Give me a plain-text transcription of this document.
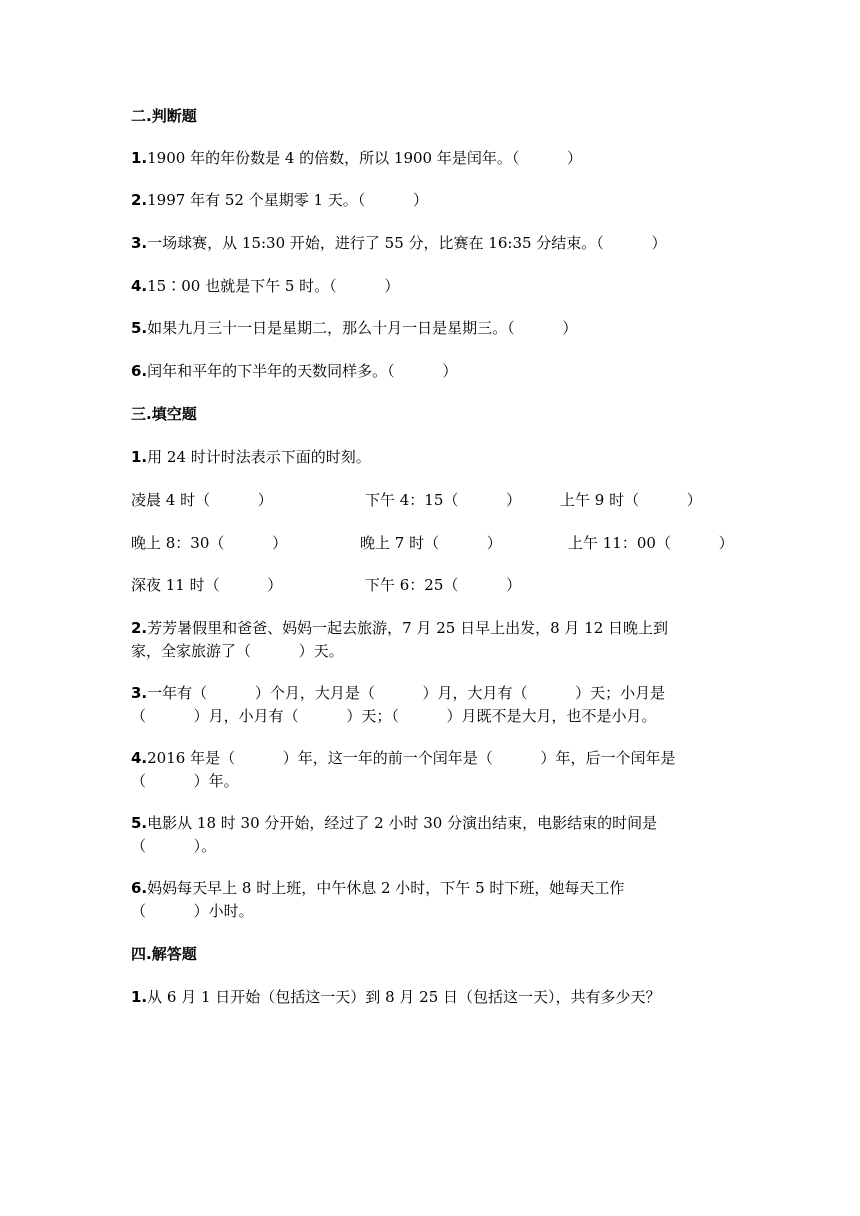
二.判断题
1.1900 年的年份数是 4 的倍数，所以 1900 年是闰年。（          ）
2.1997 年有 52 个星期零 1 天。（          ）
3.一场球赛，从 15:30 开始，进行了 55 分，比赛在 16:35 分结束。（          ）
4.15∶00 也就是下午 5 时。（          ）
5.如果九月三十一日是星期二，那么十月一日是星期三。（          ）
6.闰年和平年的下半年的天数同样多。（          ）
三.填空题
1.用 24 时计时法表示下面的时刻。
凌晨 4 时（          ）	下午 4：15（          ）	上午 9 时（          ）
晚上 8：30（          ）	晚上 7 时（          ）	上午 11：00（          ）
深夜 11 时（          ）	下午 6：25（          ）
2.芳芳暑假里和爸爸、妈妈一起去旅游，7 月 25 日早上出发，8 月 12 日晚上到
家，全家旅游了（          ）天。
3.一年有（          ）个月，大月是（          ）月，大月有（          ）天；小月是
（          ）月，小月有（          ）天；（          ）月既不是大月，也不是小月。
4.2016 年是（          ）年，这一年的前一个闰年是（          ）年，后一个闰年是
（          ）年。
5.电影从 18 时 30 分开始，经过了 2 小时 30 分演出结束，电影结束的时间是
（          ）。
6.妈妈每天早上 8 时上班，中午休息 2 小时，下午 5 时下班，她每天工作
（          ）小时。
四.解答题
1.从 6 月 1 日开始（包括这一天）到 8 月 25 日（包括这一天），共有多少天？
